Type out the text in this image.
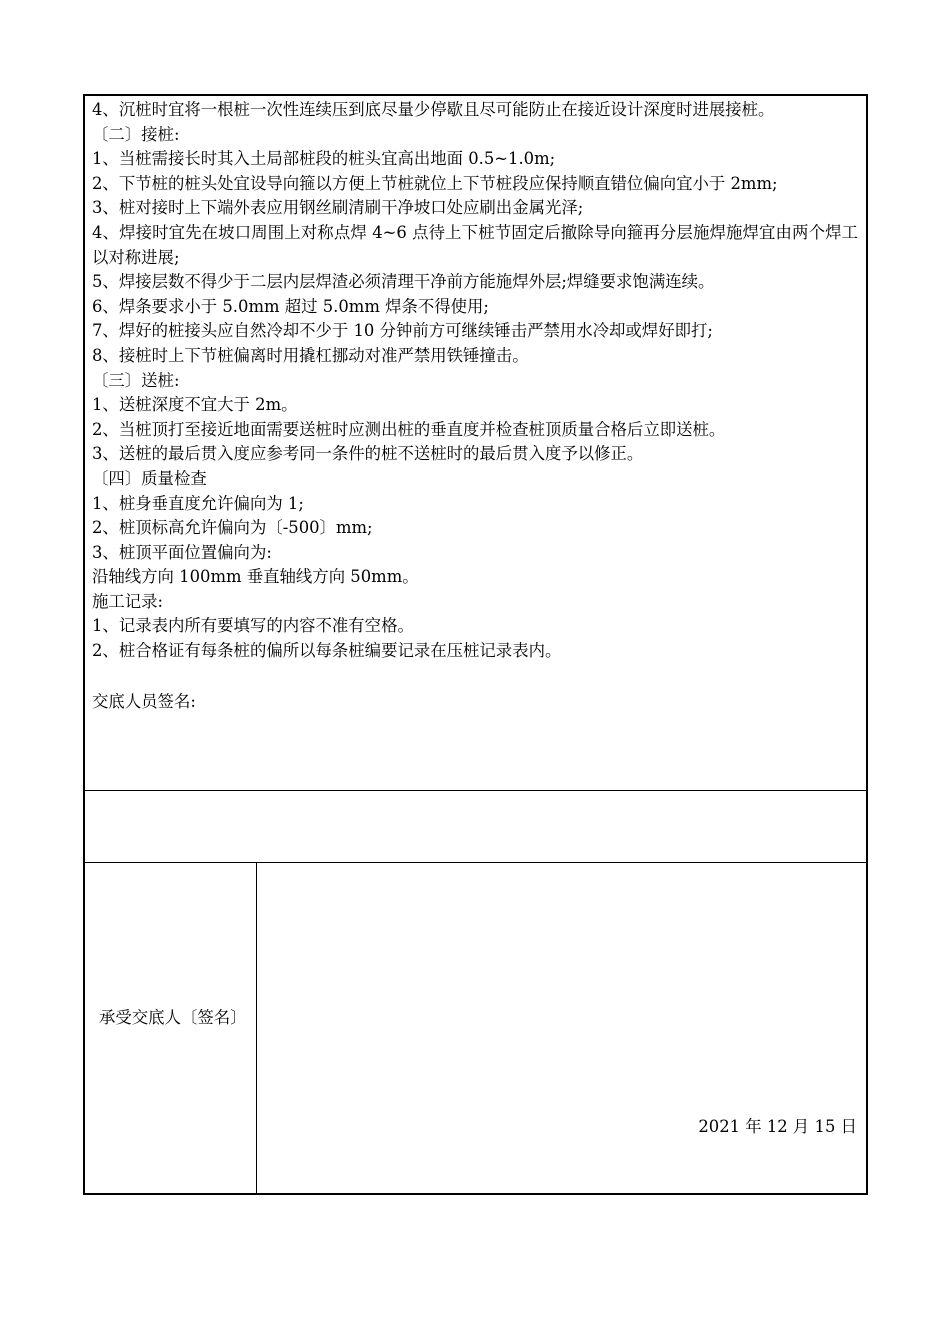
4、沉桩时宜将一根桩一次性连续压到底尽量少停歇且尽可能防止在接近设计深度时进展接桩。
〔二〕接桩:
1、当桩需接长时其入土局部桩段的桩头宜高出地面 0.5~1.0m;
2、下节桩的桩头处宜设导向箍以方便上节桩就位上下节桩段应保持顺直错位偏向宜小于 2mm;
3、桩对接时上下端外表应用钢丝刷清刷干净坡口处应刷出金属光泽;
4、焊接时宜先在坡口周围上对称点焊 4~6 点待上下桩节固定后撤除导向箍再分层施焊施焊宜由两个焊工以对称进展;
5、焊接层数不得少于二层内层焊渣必须清理干净前方能施焊外层;焊缝要求饱满连续。
6、焊条要求小于 5.0mm 超过 5.0mm 焊条不得使用;
7、焊好的桩接头应自然冷却不少于 10 分钟前方可继续锤击严禁用水冷却或焊好即打;
8、接桩时上下节桩偏离时用撬杠挪动对准严禁用铁锤撞击。
〔三〕送桩:
1、送桩深度不宜大于 2m。
2、当桩顶打至接近地面需要送桩时应测出桩的垂直度并检查桩顶质量合格后立即送桩。
3、送桩的最后贯入度应参考同一条件的桩不送桩时的最后贯入度予以修正。
〔四〕质量检查
1、桩身垂直度允许偏向为 1;
2、桩顶标高允许偏向为〔-500〕mm;
3、桩顶平面位置偏向为:
沿轴线方向 100mm 垂直轴线方向 50mm。
施工记录:
1、记录表内所有要填写的内容不准有空格。
2、桩合格证有每条桩的偏所以每条桩编要记录在压桩记录表内。
交底人员签名:
承受交底人〔签名〕
2021 年 12 月 15 日
